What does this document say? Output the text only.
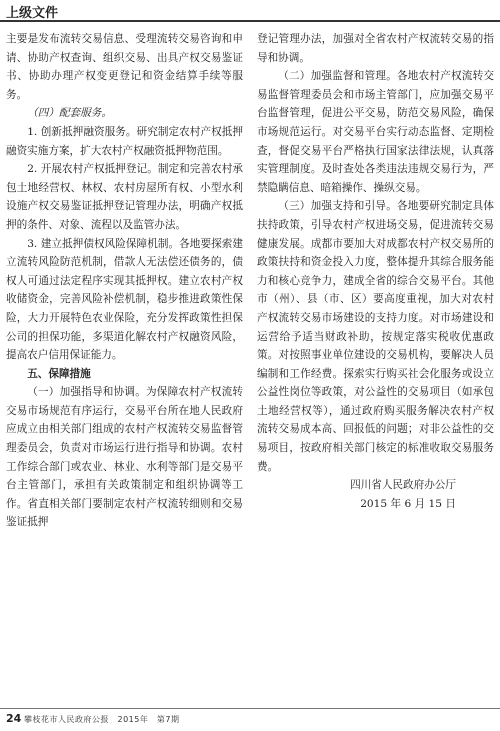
上级文件

主要是发布流转交易信息、受理流转交易咨询和申请、协助产权查询、组织交易、出具产权交易鉴证书、协助办理产权变更登记和资金结算手续等服务。

（四）配套服务。

1. 创新抵押融资服务。研究制定农村产权抵押融资实施方案，扩大农村产权融资抵押物范围。

2. 开展农村产权抵押登记。制定和完善农村承包土地经营权、林权、农村房屋所有权、小型水利设施产权交易鉴证抵押登记管理办法，明确产权抵押的条件、对象、流程以及监管办法。

3. 建立抵押债权风险保障机制。各地要探索建立流转风险防范机制，借款人无法偿还债务的，债权人可通过法定程序实现其抵押权。建立农村产权收储资金，完善风险补偿机制，稳步推进政策性保险，大力开展特色农业保险，充分发挥政策性担保公司的担保功能，多渠道化解农村产权融资风险，提高农户信用保证能力。

五、保障措施

（一）加强指导和协调。为保障农村产权流转交易市场规范有序运行，交易平台所在地人民政府应成立由相关部门组成的农村产权流转交易监督管理委员会，负责对市场运行进行指导和协调。农村工作综合部门或农业、林业、水利等部门是交易平台主管部门，承担有关政策制定和组织协调等工作。省直相关部门要制定农村产权流转细则和交易鉴证抵押

登记管理办法，加强对全省农村产权流转交易的指导和协调。

（二）加强监督和管理。各地农村产权流转交易监督管理委员会和市场主管部门，应加强交易平台监督管理，促进公平交易，防范交易风险，确保市场规范运行。对交易平台实行动态监督、定期检查，督促交易平台严格执行国家法律法规，认真落实管理制度。及时查处各类违法违规交易行为，严禁隐瞒信息、暗箱操作、操纵交易。

（三）加强支持和引导。各地要研究制定具体扶持政策，引导农村产权进场交易，促进流转交易健康发展。成都市要加大对成都农村产权交易所的政策扶持和资金投入力度，整体提升其综合服务能力和核心竞争力，建成全省的综合交易平台。其他市（州）、县（市、区）要高度重视，加大对农村产权流转交易市场建设的支持力度。对市场建设和运营给予适当财政补助，按规定落实税收优惠政策。对按照事业单位建设的交易机构，要解决人员编制和工作经费。探索实行购买社会化服务或设立公益性岗位等政策，对公益性的交易项目（如承包土地经营权等），通过政府购买服务解决农村产权流转交易成本高、回报低的问题；对非公益性的交易项目，按政府相关部门核定的标准收取交易服务费。

四川省人民政府办公厅

2015 年 6 月 15 日

24 攀枝花市人民政府公报　2015年　第7期
